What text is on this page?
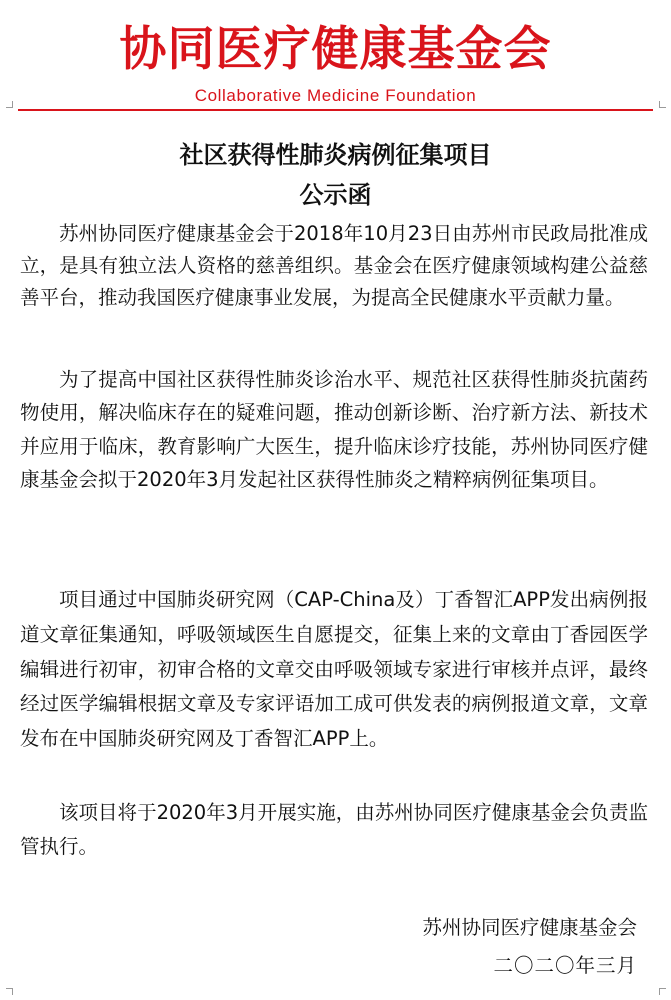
协同医疗健康基金会
Collaborative Medicine Foundation
社区获得性肺炎病例征集项目
公示函

苏州协同医疗健康基金会于2018年10月23日由苏州市民政局批准成立，是具有独立法人资格的慈善组织。基金会在医疗健康领域构建公益慈善平台，推动我国医疗健康事业发展，为提高全民健康水平贡献力量。

为了提高中国社区获得性肺炎诊治水平、规范社区获得性肺炎抗菌药物使用，解决临床存在的疑难问题，推动创新诊断、治疗新方法、新技术并应用于临床，教育影响广大医生，提升临床诊疗技能，苏州协同医疗健康基金会拟于2020年3月发起社区获得性肺炎之精粹病例征集项目。

项目通过中国肺炎研究网（CAP-China及）丁香智汇APP发出病例报道文章征集通知，呼吸领域医生自愿提交，征集上来的文章由丁香园医学编辑进行初审，初审合格的文章交由呼吸领域专家进行审核并点评，最终经过医学编辑根据文章及专家评语加工成可供发表的病例报道文章，文章发布在中国肺炎研究网及丁香智汇APP上。

该项目将于2020年3月开展实施，由苏州协同医疗健康基金会负责监管执行。

苏州协同医疗健康基金会
二〇二〇年三月
